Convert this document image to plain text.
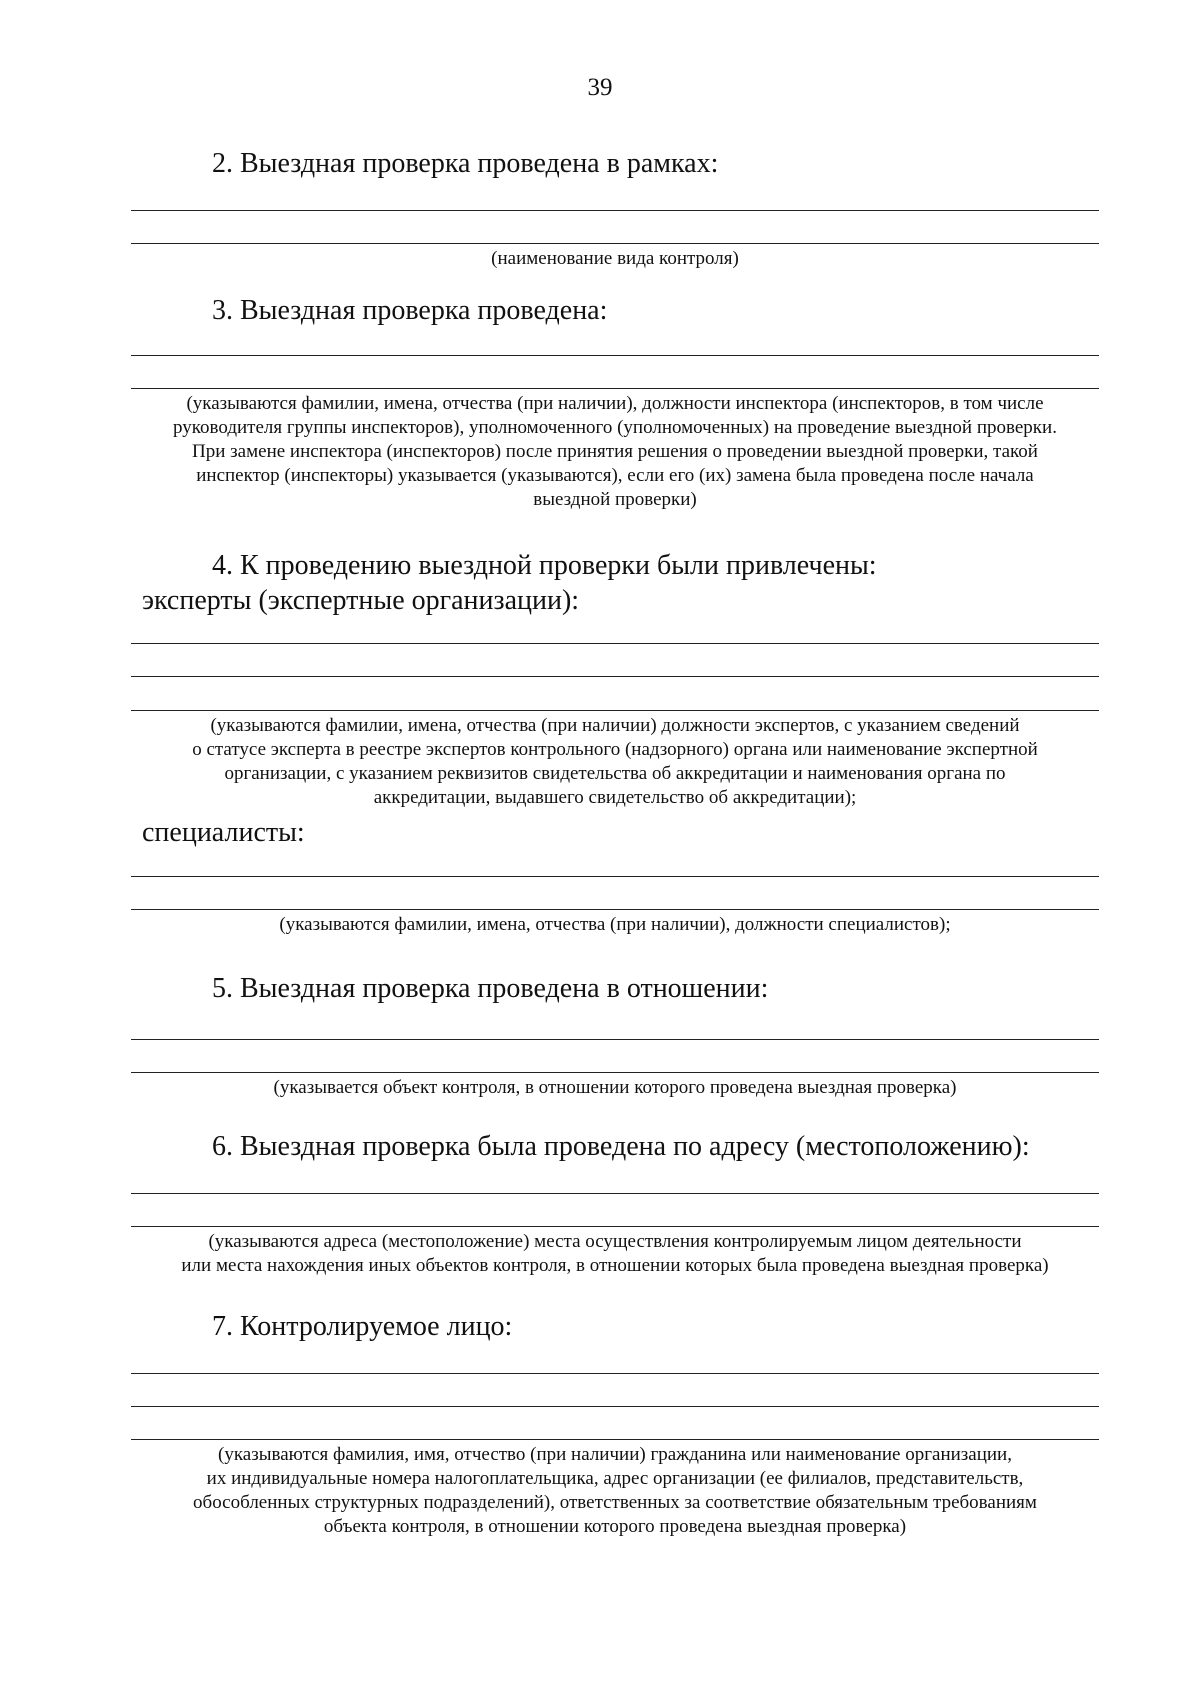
39
2. Выездная проверка проведена в рамках:
(наименование вида контроля)
3. Выездная проверка проведена:
(указываются фамилии, имена, отчества (при наличии), должности инспектора (инспекторов, в том числе
руководителя группы инспекторов), уполномоченного (уполномоченных) на проведение выездной проверки.
При замене инспектора (инспекторов) после принятия решения о проведении выездной проверки, такой
инспектор (инспекторы) указывается (указываются), если его (их) замена была проведена после начала
выездной проверки)
4. К проведению выездной проверки были привлечены:
эксперты (экспертные организации):
(указываются фамилии, имена, отчества (при наличии) должности экспертов, с указанием сведений
о статусе эксперта в реестре экспертов контрольного (надзорного) органа или наименование экспертной
организации, с указанием реквизитов свидетельства об аккредитации и наименования органа по
аккредитации, выдавшего свидетельство об аккредитации);
специалисты:
(указываются фамилии, имена, отчества (при наличии), должности специалистов);
5. Выездная проверка проведена в отношении:
(указывается объект контроля, в отношении которого проведена выездная проверка)
6. Выездная проверка была проведена по адресу (местоположению):
(указываются адреса (местоположение) места осуществления контролируемым лицом деятельности
или места нахождения иных объектов контроля, в отношении которых была проведена выездная проверка)
7. Контролируемое лицо:
(указываются фамилия, имя, отчество (при наличии) гражданина или наименование организации,
их индивидуальные номера налогоплательщика, адрес организации (ее филиалов, представительств,
обособленных структурных подразделений), ответственных за соответствие обязательным требованиям
объекта контроля, в отношении которого проведена выездная проверка)
